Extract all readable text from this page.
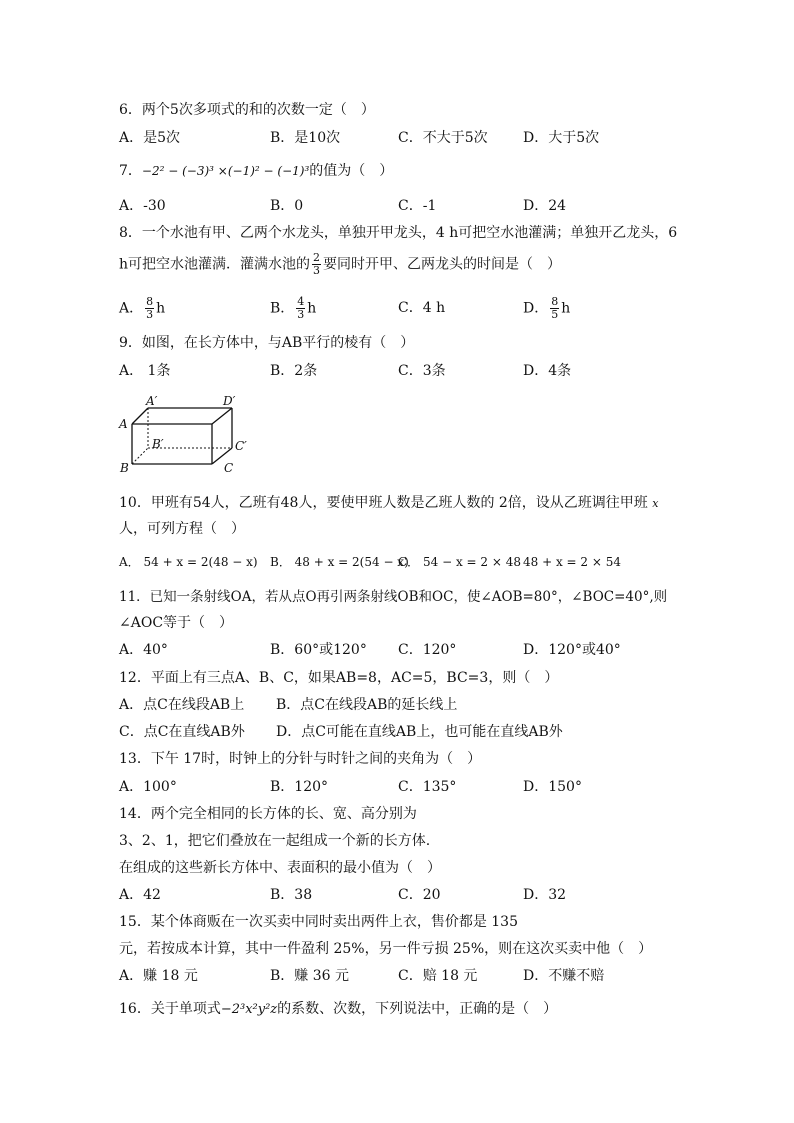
6．两个5次多项式的和的次数一定（　）
A．是5次	B．是10次	C．不大于5次	D．大于5次
7．−2² − (−3)³ ×(−1)² − (−1)³的值为（　）
A．-30	B．0	C．-1	D．24
8．一个水池有甲、乙两个水龙头，单独开甲龙头，4 h可把空水池灌满；单独开乙龙头，6
h可把空水池灌满．灌满水池的 $\frac{2}{3}$ 要同时开甲、乙两龙头的时间是（　）
A． $\frac{8}{3}$ h	B． $\frac{4}{3}$ h	C．4 h	D． $\frac{8}{5}$ h
9．如图，在长方体中，与AB平行的棱有（　）
A． 1条	B．2条	C．3条	D．4条
A
A′	D′
B′	C′
B	C
10．甲班有54人，乙班有48人，要使甲班人数是乙班人数的 2倍，设从乙班调往甲班 x
人，可列方程（　）
A． 54 + x = 2(48 − x) B． 48 + x = 2(54 − x)
C． 54 − x = 2 × 48 48 + x = 2 × 54
11．已知一条射线OA，若从点O再引两条射线OB和OC，使∠AOB=80°，∠BOC=40°,则
∠AOC等于（　）
A．40°	B．60°或120° C．120°	D．120°或40°
12．平面上有三点A、B、C，如果AB=8，AC=5，BC=3，则（　）
A．点C在线段AB上 B．点C在线段AB的延长线上
C．点C在直线AB外 D．点C可能在直线AB上，也可能在直线AB外
13．下午 17时，时钟上的分针与时针之间的夹角为（　）
A．100°	B．120°	C．135°	D．150°
14．两个完全相同的长方体的长、宽、高分别为
3、2、1，把它们叠放在一起组成一个新的长方体.
在组成的这些新长方体中、表面积的最小值为（　）
A．42	B．38	C．20	D．32
15．某个体商贩在一次买卖中同时卖出两件上衣，售价都是 135
元，若按成本计算，其中一件盈利 25%，另一件亏损 25%，则在这次买卖中他（　）
A．赚 18 元	B．赚 36 元	C．赔 18 元	D．不赚不赔
16．关于单项式−2³x²y²z的系数、次数，下列说法中，正确的是（　）
